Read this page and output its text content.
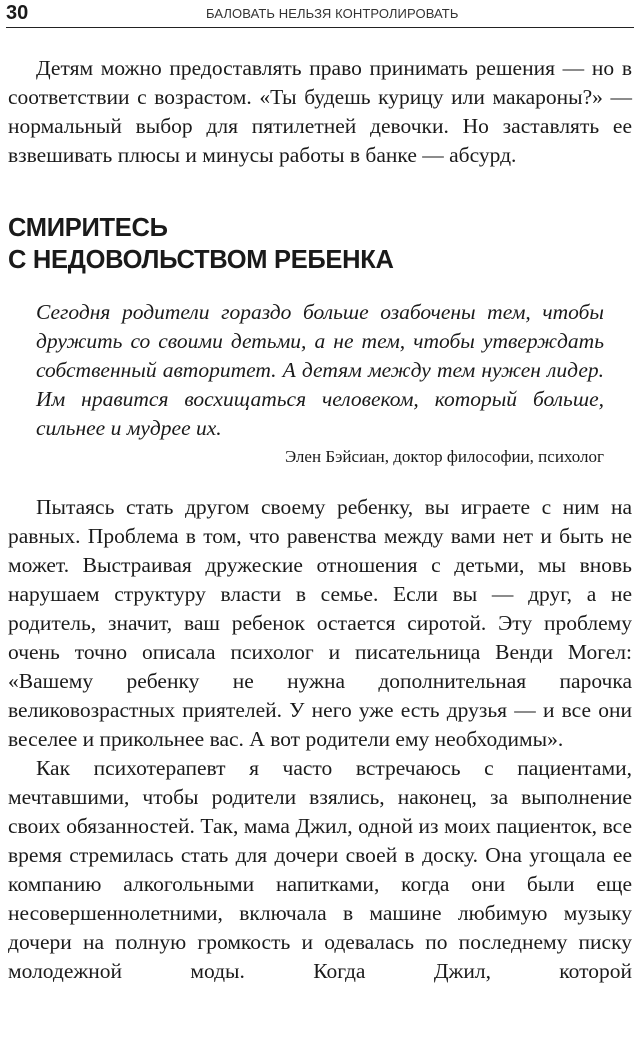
30	БАЛОВАТЬ НЕЛЬЗЯ КОНТРОЛИРОВАТЬ

Детям можно предоставлять право принимать решения — но в соответствии с возрастом. «Ты будешь курицу или макароны?» — нормальный выбор для пятилетней девочки. Но заставлять ее взвешивать плюсы и минусы работы в банке — абсурд.

СМИРИТЕСЬ
С НЕДОВОЛЬСТВОМ РЕБЕНКА

Сегодня родители гораздо больше озабочены тем, чтобы дружить со своими детьми, а не тем, чтобы утверждать собственный авторитет. А детям между тем нужен лидер. Им нравится восхищаться человеком, который больше, сильнее и мудрее их.

Элен Бэйсиан, доктор философии, психолог

Пытаясь стать другом своему ребенку, вы играете с ним на равных. Проблема в том, что равенства между вами нет и быть не может. Выстраивая дружеские отношения с детьми, мы вновь нарушаем структуру власти в семье. Если вы — друг, а не родитель, значит, ваш ребенок остается сиротой. Эту проблему очень точно описала психолог и писательница Венди Могел: «Вашему ребенку не нужна дополнительная парочка великовозрастных приятелей. У него уже есть друзья — и все они веселее и прикольнее вас. А вот родители ему необходимы».

Как психотерапевт я часто встречаюсь с пациентами, мечтавшими, чтобы родители взялись, наконец, за выполнение своих обязанностей. Так, мама Джил, одной из моих пациенток, все время стремилась стать для дочери своей в доску. Она угощала ее компанию алкогольными напитками, когда они были еще несовершеннолетними, включала в машине любимую музыку дочери на полную громкость и одевалась по последнему писку молодежной моды. Когда Джил, которой
